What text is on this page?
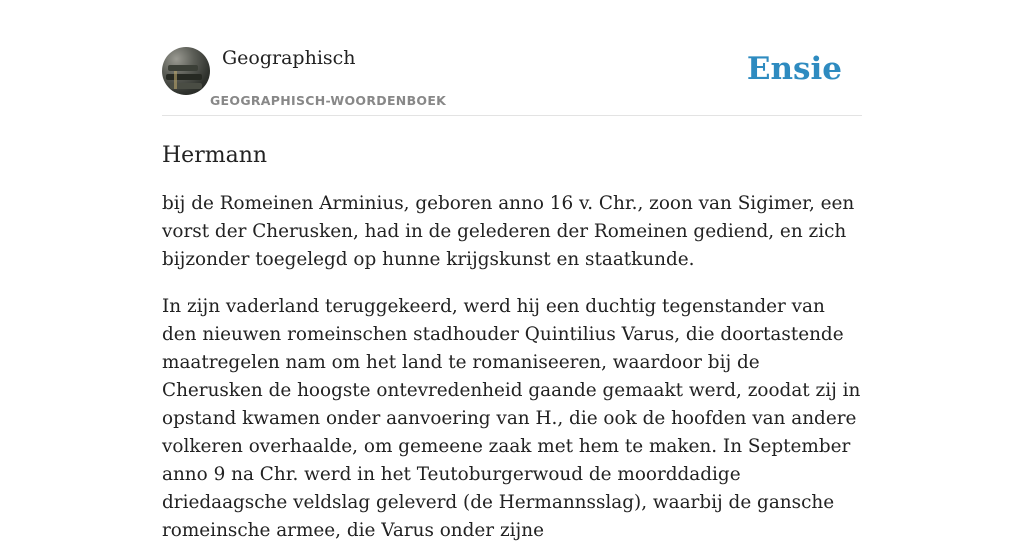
Geographisch
GEOGRAPHISCH-WOORDENBOEK
Ensie
Hermann

bij de Romeinen Arminius, geboren anno 16 v. Chr., zoon van Sigimer, een vorst der Cherusken, had in de gelederen der Romeinen gediend, en zich bijzonder toegelegd op hunne krijgskunst en staatkunde.

In zijn vaderland teruggekeerd, werd hij een duchtig tegenstander van den nieuwen romeinschen stadhouder Quintilius Varus, die doortastende maatregelen nam om het land te romaniseeren, waardoor bij de Cherusken de hoogste ontevredenheid gaande gemaakt werd, zoodat zij in opstand kwamen onder aanvoering van H., die ook de hoofden van andere volkeren overhaalde, om gemeene zaak met hem te maken. In September anno 9 na Chr. werd in het Teutoburgerwoud de moorddadige driedaagsche veldslag geleverd (de Hermannsslag), waarbij de gansche romeinsche armee, die Varus onder zijne
